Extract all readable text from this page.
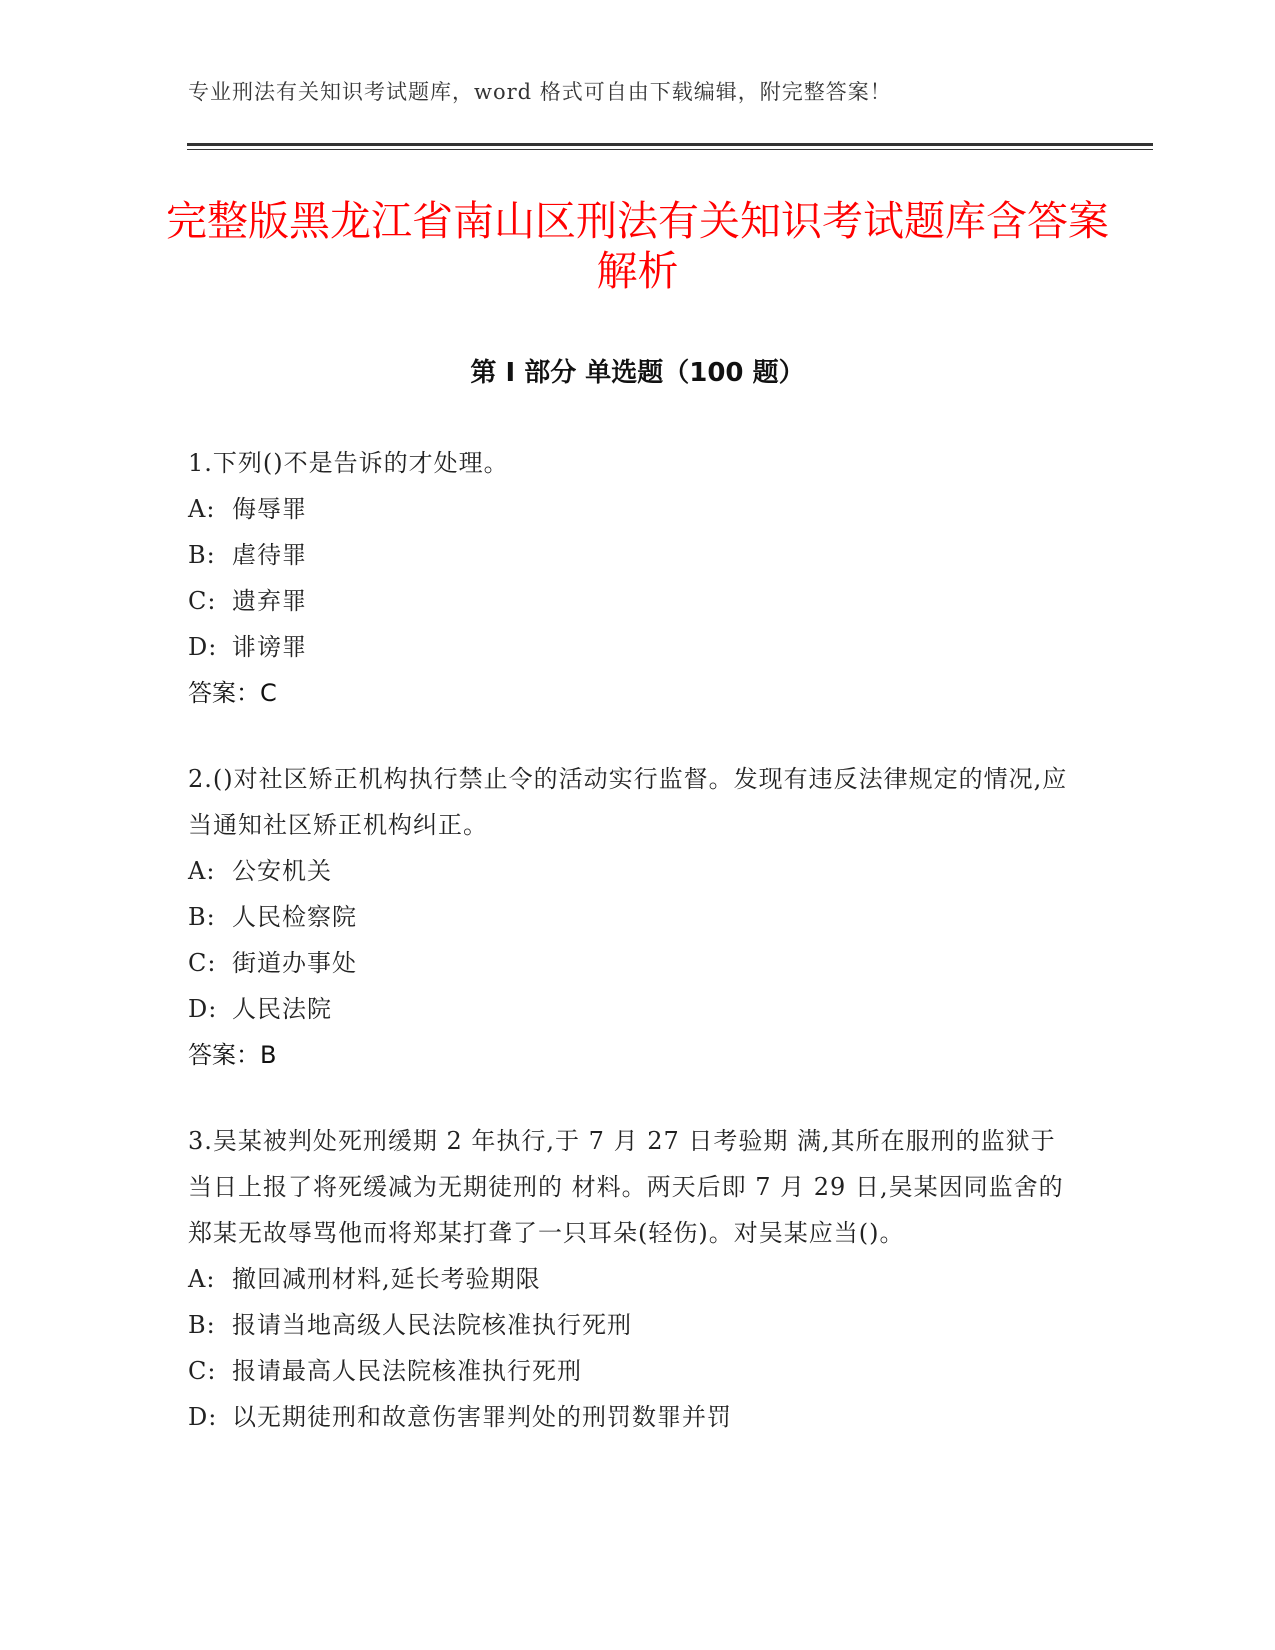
专业刑法有关知识考试题库，word 格式可自由下载编辑，附完整答案！
完整版黑龙江省南山区刑法有关知识考试题库含答案解析
第 I 部分 单选题（100 题）
1.下列()不是告诉的才处理。
A: 侮辱罪
B: 虐待罪
C: 遗弃罪
D: 诽谤罪
答案：C
2.()对社区矫正机构执行禁止令的活动实行监督。发现有违反法律规定的情况,应当通知社区矫正机构纠正。
A: 公安机关
B: 人民检察院
C: 街道办事处
D: 人民法院
答案：B
3.吴某被判处死刑缓期 2 年执行,于 7 月 27 日考验期 满,其所在服刑的监狱于当日上报了将死缓减为无期徒刑的 材料。两天后即 7 月 29 日,吴某因同监舍的郑某无故辱骂他而将郑某打聋了一只耳朵(轻伤)。对吴某应当()。
A: 撤回减刑材料,延长考验期限
B: 报请当地高级人民法院核准执行死刑
C: 报请最高人民法院核准执行死刑
D: 以无期徒刑和故意伤害罪判处的刑罚数罪并罚
